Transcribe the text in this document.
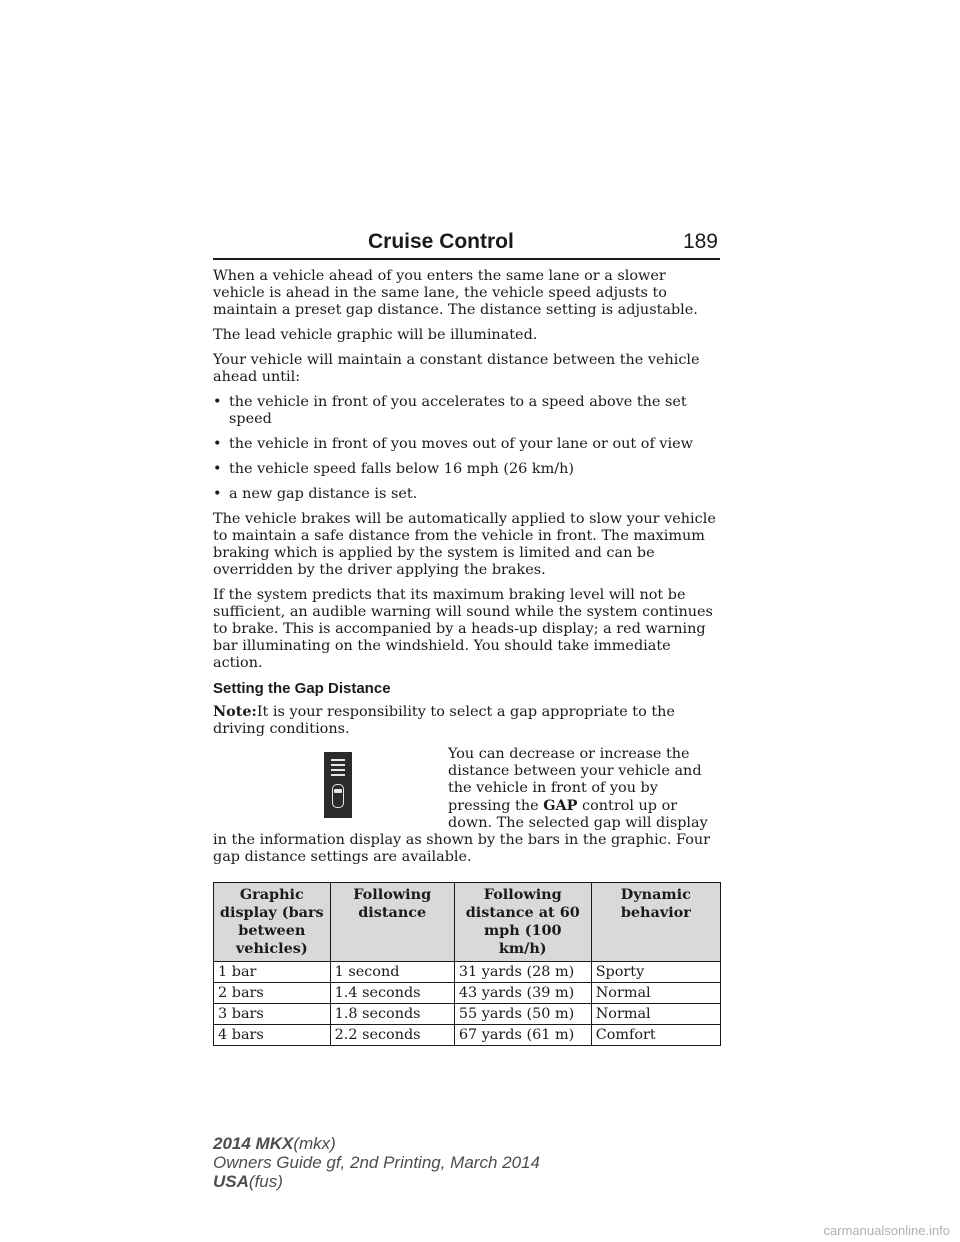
Cruise Control	189

When a vehicle ahead of you enters the same lane or a slower vehicle is ahead in the same lane, the vehicle speed adjusts to maintain a preset gap distance. The distance setting is adjustable.

The lead vehicle graphic will be illuminated.

Your vehicle will maintain a constant distance between the vehicle ahead until:

• the vehicle in front of you accelerates to a speed above the set speed
• the vehicle in front of you moves out of your lane or out of view
• the vehicle speed falls below 16 mph (26 km/h)
• a new gap distance is set.

The vehicle brakes will be automatically applied to slow your vehicle to maintain a safe distance from the vehicle in front. The maximum braking which is applied by the system is limited and can be overridden by the driver applying the brakes.

If the system predicts that its maximum braking level will not be sufficient, an audible warning will sound while the system continues to brake. This is accompanied by a heads-up display; a red warning bar illuminating on the windshield. You should take immediate action.

Setting the Gap Distance

Note:It is your responsibility to select a gap appropriate to the driving conditions.

You can decrease or increase the distance between your vehicle and the vehicle in front of you by pressing the GAP control up or down. The selected gap will display in the information display as shown by the bars in the graphic. Four gap distance settings are available.

Graphic display (bars between vehicles)	Following distance	Following distance at 60 mph (100 km/h)	Dynamic behavior
1 bar	1 second	31 yards (28 m)	Sporty
2 bars	1.4 seconds	43 yards (39 m)	Normal
3 bars	1.8 seconds	55 yards (50 m)	Normal
4 bars	2.2 seconds	67 yards (61 m)	Comfort
2014 MKX(mkx)
Owners Guide gf, 2nd Printing, March 2014
USA(fus)
carmanualsonline.info
